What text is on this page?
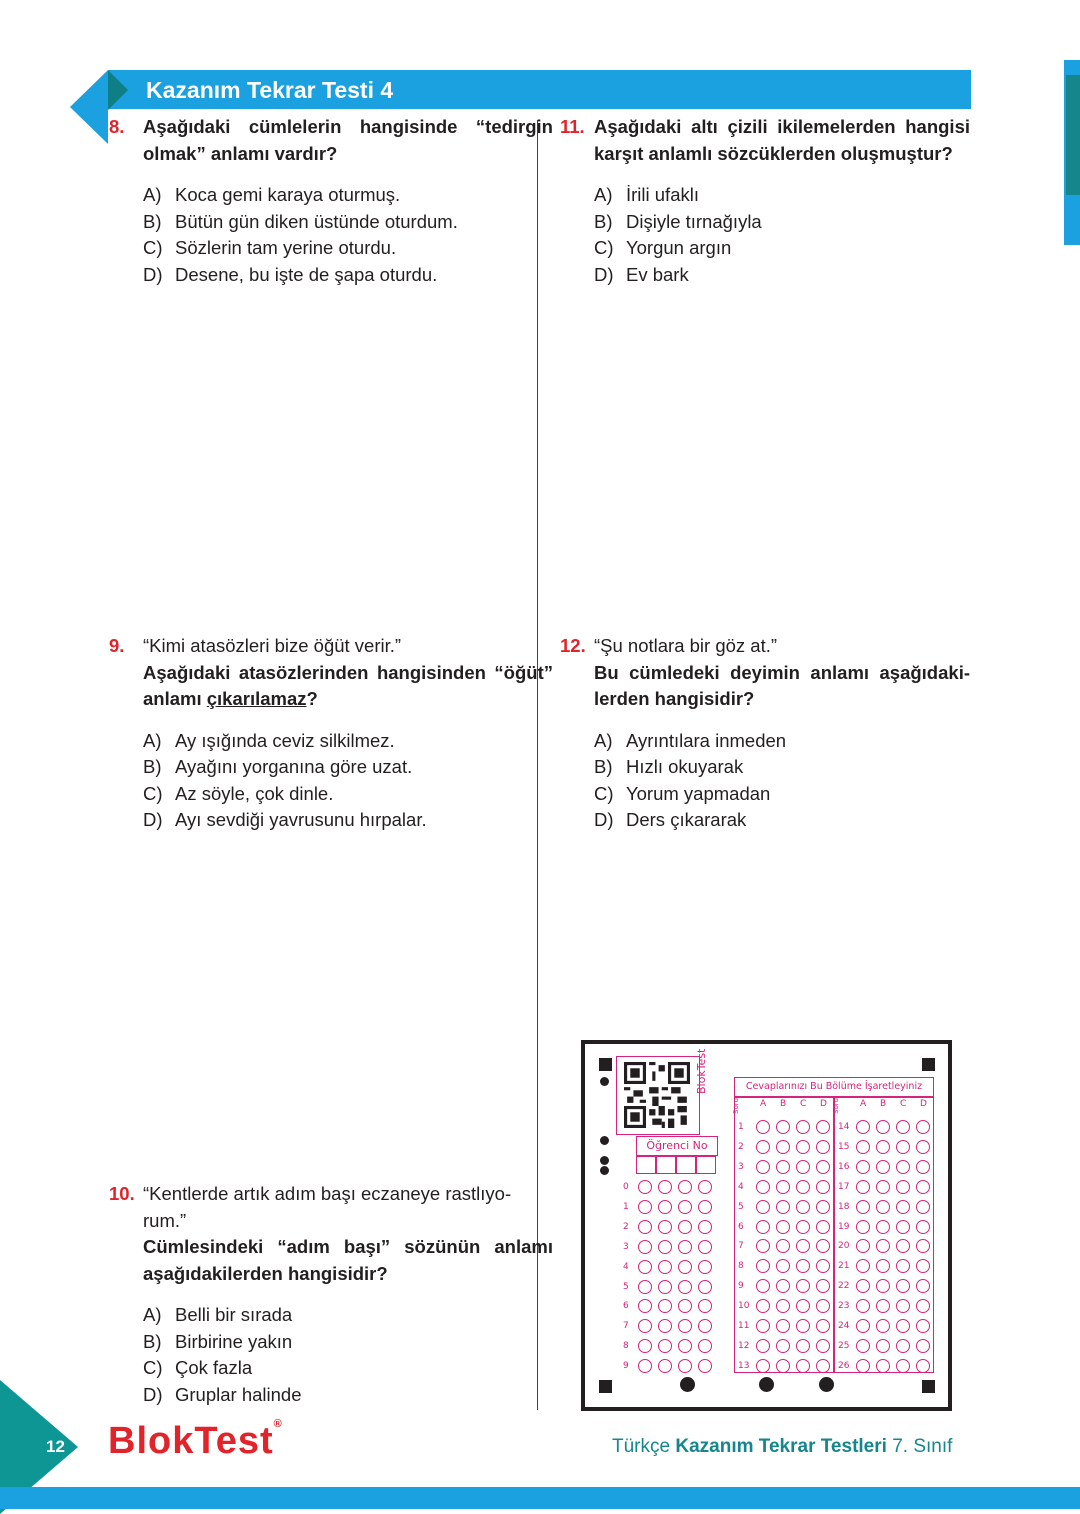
Kazanım Tekrar Testi 4
8. Aşağıdaki cümlelerin hangisinde “tedirgin olmak” anlamı vardır?
A) Koca gemi karaya oturmuş.
B) Bütün gün diken üstünde oturdum.
C) Sözlerin tam yerine oturdu.
D) Desene, bu işte de şapa oturdu.
9. “Kimi atasözleri bize öğüt verir.”
Aşağıdaki atasözlerinden hangisinden “öğüt” anlamı çıkarılamaz?
A) Ay ışığında ceviz silkilmez.
B) Ayağını yorganına göre uzat.
C) Az söyle, çok dinle.
D) Ayı sevdiği yavrusunu hırpalar.
10. “Kentlerde artık adım başı eczaneye rastlıyo-
rum.”
Cümlesindeki “adım başı” sözünün anlamı aşağıdakilerden hangisidir?
A) Belli bir sırada
B) Birbirine yakın
C) Çok fazla
D) Gruplar halinde
11. Aşağıdaki altı çizili ikilemelerden hangisi karşıt anlamlı sözcüklerden oluşmuştur?
A) İrili ufaklı
B) Dişiyle tırnağıyla
C) Yorgun argın
D) Ev bark
12. “Şu notlara bir göz at.”
Bu cümledeki deyimin anlamı aşağıdaki-lerden hangisidir?
A) Ayrıntılara inmeden
B) Hızlı okuyarak
C) Yorum yapmadan
D) Ders çıkararak
BlokTest
Öğrenci No
0
1
2
3
4
5
6
7
8
9
Cevaplarınızı Bu Bölüme İşaretleyiniz
Soru A B C D
1
2
3
4
5
6
7
8
9
10
11
12
13
Soru A B C D
14
15
16
17
18
19
20
21
22
23
24
25
26
12 BlokTest®
Türkçe Kazanım Tekrar Testleri 7. Sınıf
